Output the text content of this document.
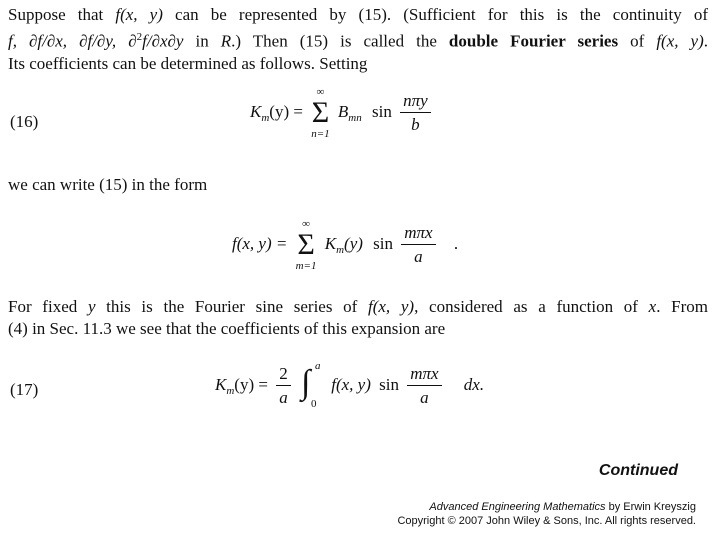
Suppose that f(x, y) can be represented by (15). (Sufficient for this is the continuity of
f, ∂f/∂x, ∂f/∂y, ∂$^2$f/∂x∂y in R.) Then (15) is called the double Fourier series of f(x, y).
Its coefficients can be determined as follows. Setting
(16)
$K_m(y)$ =
∞
Σ
n=1
$B_{mn}$ $\sin \frac{\text{nπy}}{b}$
we can write (15) in the form
f(x, y) =
∞
Σ
m=1
$K_m(y)$ $\sin \frac{\text{mπx}}{a}$ .
For fixed y this is the Fourier sine series of f(x, y), considered as a function of x. From
(4) in Sec. 11.3 we see that the coefficients of this expansion are
(17)	$K_m(y) = \frac{2}{a}$
a
∫
0
f(x, y) $\sin \frac{\text{mπx}}{a}$ dx.
Continued
Advanced Engineering Mathematics by Erwin Kreyszig
Copyright © 2007 John Wiley & Sons, Inc. All rights reserved.
